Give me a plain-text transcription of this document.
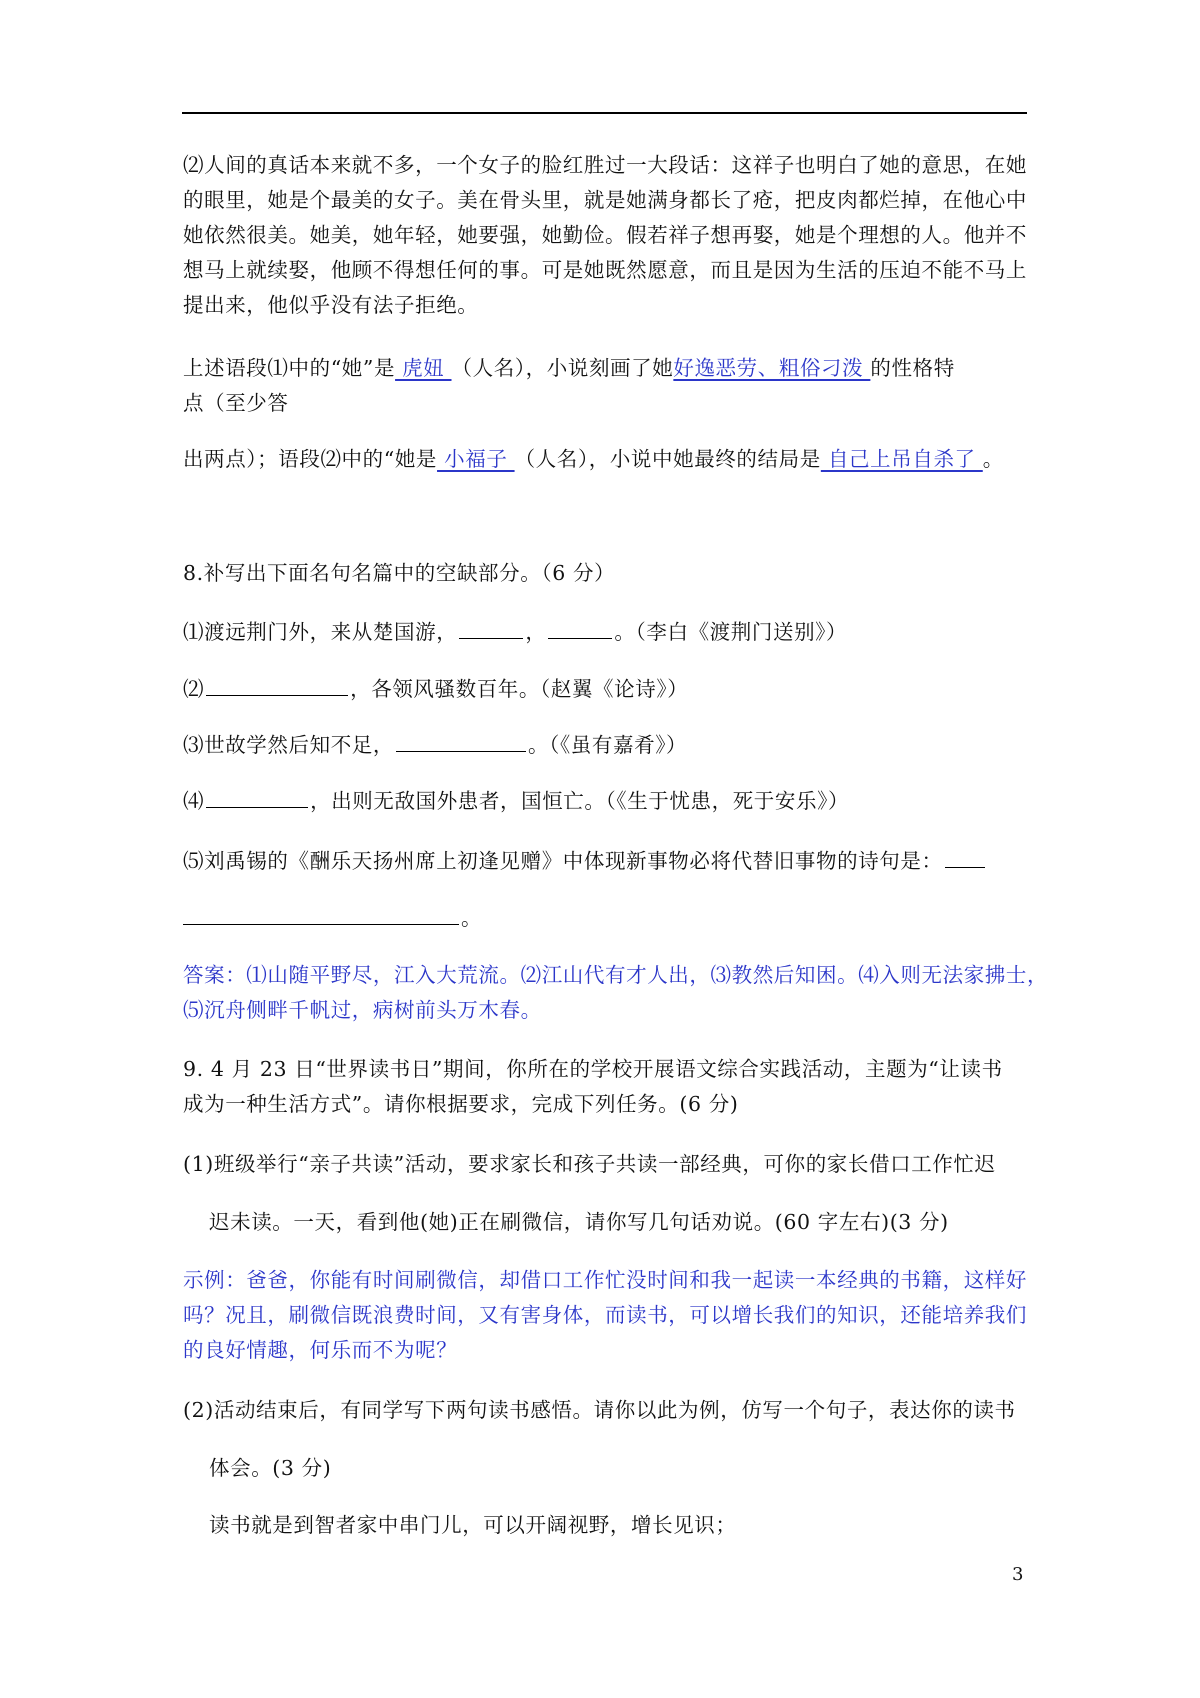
⑵人间的真话本来就不多，一个女子的脸红胜过一大段话：这祥子也明白了她的意思，在她
的眼里，她是个最美的女子。美在骨头里，就是她满身都长了疮，把皮肉都烂掉，在他心中
她依然很美。她美，她年轻，她要强，她勤俭。假若祥子想再娶，她是个理想的人。他并不
想马上就续娶，他顾不得想任何的事。可是她既然愿意，而且是因为生活的压迫不能不马上
提出来，他似乎没有法子拒绝。
上述语段⑴中的“她”是 虎妞 （人名），小说刻画了她好逸恶劳、粗俗刁泼 的性格特
点（至少答
出两点）；语段⑵中的“她是 小福子 （人名），小说中她最终的结局是 自己上吊自杀了 。
8.补写出下面名句名篇中的空缺部分。（6 分）
⑴渡远荆门外，来从楚国游，	，	。（李白《渡荆门送别》）
⑵	，各领风骚数百年。（赵翼《论诗》）
⑶世故学然后知不足，	。（《虽有嘉肴》）
⑷	，出则无敌国外患者，国恒亡。（《生于忧患，死于安乐》）
⑸刘禹锡的《酬乐天扬州席上初逢见赠》中体现新事物必将代替旧事物的诗句是：
。
答案：⑴山随平野尽，江入大荒流。⑵江山代有才人出，⑶教然后知困。⑷入则无法家拂士，
⑸沉舟侧畔千帆过，病树前头万木春。
9. 4 月 23 日“世界读书日”期间，你所在的学校开展语文综合实践活动，主题为“让读书
成为一种生活方式”。请你根据要求，完成下列任务。(6 分)
(1)班级举行“亲子共读”活动，要求家长和孩子共读一部经典，可你的家长借口工作忙迟
迟未读。一天，看到他(她)正在刷微信，请你写几句话劝说。(60 字左右)(3 分)
示例：爸爸，你能有时间刷微信，却借口工作忙没时间和我一起读一本经典的书籍，这样好
吗？况且，刷微信既浪费时间，又有害身体，而读书，可以增长我们的知识，还能培养我们
的良好情趣，何乐而不为呢？
(2)活动结束后，有同学写下两句读书感悟。请你以此为例，仿写一个句子，表达你的读书
体会。(3 分)
读书就是到智者家中串门儿，可以开阔视野，增长见识；
3
